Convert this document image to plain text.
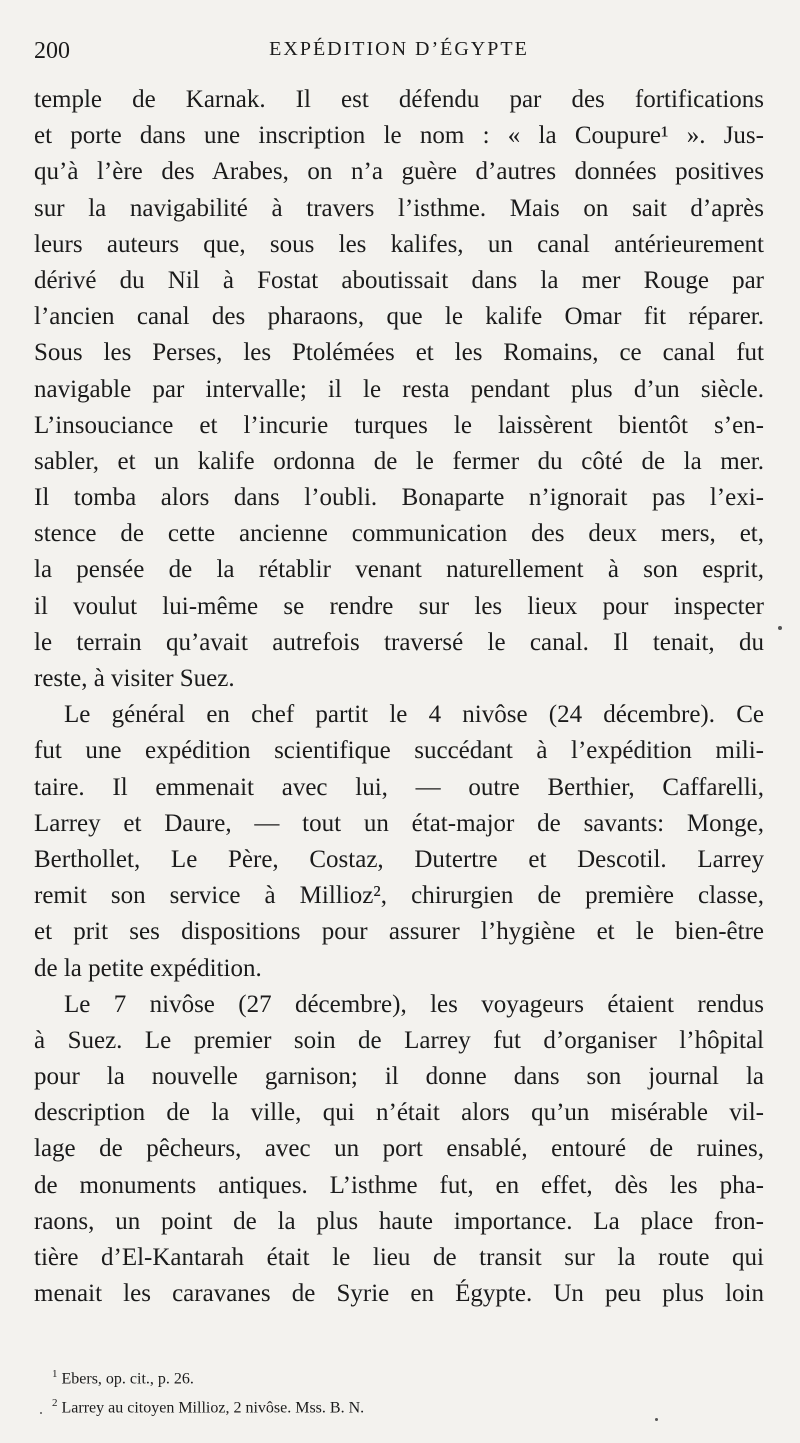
200	EXPÉDITION D’ÉGYPTE
temple de Karnak. Il est défendu par des fortifications
et porte dans une inscription le nom : « la Coupure¹ ». Jus-
qu’à l’ère des Arabes, on n’a guère d’autres données positives
sur la navigabilité à travers l’isthme. Mais on sait d’après
leurs auteurs que, sous les kalifes, un canal antérieurement
dérivé du Nil à Fostat aboutissait dans la mer Rouge par
l’ancien canal des pharaons, que le kalife Omar fit réparer.
Sous les Perses, les Ptolémées et les Romains, ce canal fut
navigable par intervalle; il le resta pendant plus d’un siècle.
L’insouciance et l’incurie turques le laissèrent bientôt s’en-
sabler, et un kalife ordonna de le fermer du côté de la mer.
Il tomba alors dans l’oubli. Bonaparte n’ignorait pas l’exi-
stence de cette ancienne communication des deux mers, et,
la pensée de la rétablir venant naturellement à son esprit,
il voulut lui-même se rendre sur les lieux pour inspecter
le terrain qu’avait autrefois traversé le canal. Il tenait, du
reste, à visiter Suez.
Le général en chef partit le 4 nivôse (24 décembre). Ce
fut une expédition scientifique succédant à l’expédition mili-
taire. Il emmenait avec lui, — outre Berthier, Caffarelli,
Larrey et Daure, — tout un état-major de savants: Monge,
Berthollet, Le Père, Costaz, Dutertre et Descotil. Larrey
remit son service à Millioz², chirurgien de première classe,
et prit ses dispositions pour assurer l’hygiène et le bien-être
de la petite expédition.
Le 7 nivôse (27 décembre), les voyageurs étaient rendus
à Suez. Le premier soin de Larrey fut d’organiser l’hôpital
pour la nouvelle garnison; il donne dans son journal la
description de la ville, qui n’était alors qu’un misérable vil-
lage de pêcheurs, avec un port ensablé, entouré de ruines,
de monuments antiques. L’isthme fut, en effet, dès les pha-
raons, un point de la plus haute importance. La place fron-
tière d’El-Kantarah était le lieu de transit sur la route qui
menait les caravanes de Syrie en Égypte. Un peu plus loin
$^1$ Ebers, op. cit., p. 26.
$^2$ Larrey au citoyen Millioz, 2 nivôse. Mss. B. N.
